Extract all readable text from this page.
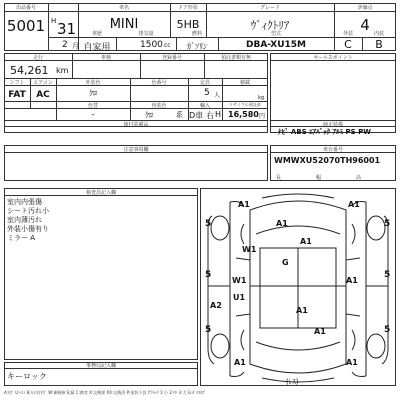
出品番号
5001 H 31
車名
MINI
ドア形状
5HB
グレード
ｳﾞｨｸﾄﾘｱ
評価点
4
2 月
車歴
自家用
排気量
1500 cc
燃料
ｶﾞｿﾘﾝ
型式
DBA-XU15M
外装
C
内装
B
走行
54,261 km
車検	登録番号	預託書類有無
シフト
FAT
エアコン
AC
外装色
ｸﾛ
色番号	定員
5 人
積載
kg
色替
-
内装色
ｸﾛ	系
輸入
D車 右 H
リサイクル預託金
16,580 円
後付装備品
セールスポイント
純正装備
ﾅﾋﾞ ABS ｴｱﾊﾞｯｸ ｱﾙﾐ PS PW
注意事項欄	車台番号
WMWXU52070TH96001
長	幅	高
検査員記入欄
室内内張傷
シート汚れ小
室内薄汚れ
外装小傷有り
ミラー A
事務局記入欄
キーロック
5	5
5	5
5	5
A1	A1
A1
W1
A1
G
W1	A1
U1
A2
A1
A1
A1	A1
(ﾚｽ)
A:ｷｽﾞ U:ﾍｺﾐ B:ﾍｺﾐ付ｷｽﾞ W:補修跡 S:錆 C:腐食 X:交換要 XX:交換済 P:塗装不良 Y:ｸﾗｯｸ 1:小 2:中 3:大 G:ｶﾞﾗｽｷｽﾞ
